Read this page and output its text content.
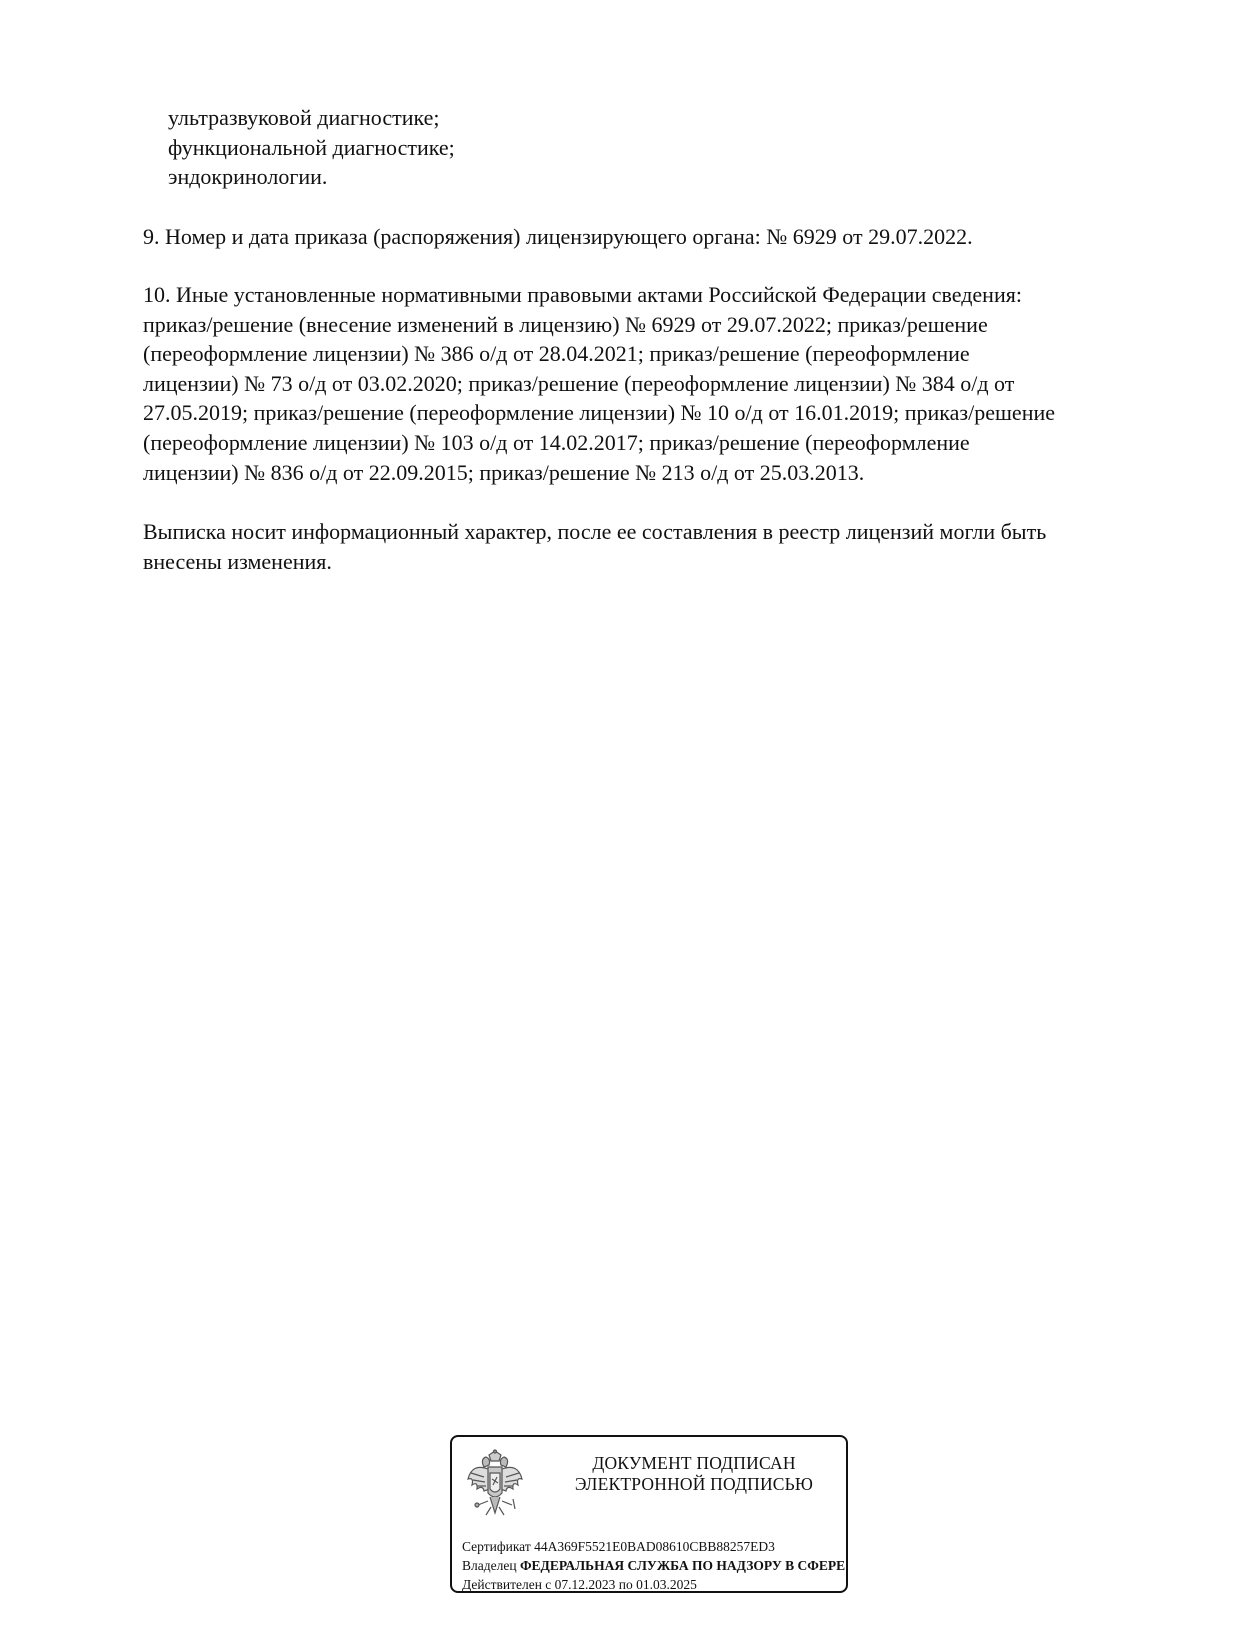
ультразвуковой диагностике;
функциональной диагностике;
эндокринологии.
9. Номер и дата приказа (распоряжения) лицензирующего органа: № 6929 от 29.07.2022.
10. Иные установленные нормативными правовыми актами Российской Федерации сведения:
приказ/решение (внесение изменений в лицензию) № 6929 от 29.07.2022; приказ/решение
(переоформление лицензии) № 386 о/д от 28.04.2021; приказ/решение (переоформление
лицензии) № 73 о/д от 03.02.2020; приказ/решение (переоформление лицензии) № 384 о/д от
27.05.2019; приказ/решение (переоформление лицензии) № 10 о/д от 16.01.2019; приказ/решение
(переоформление лицензии) № 103 о/д от 14.02.2017; приказ/решение (переоформление
лицензии) № 836 о/д от 22.09.2015; приказ/решение № 213 о/д от 25.03.2013.
Выписка носит информационный характер, после ее составления в реестр лицензий могли быть
внесены изменения.
ДОКУМЕНТ ПОДПИСАН
ЭЛЕКТРОННОЙ ПОДПИСЬЮ
Сертификат 44A369F5521E0BAD08610CBB88257ED3
Владелец ФЕДЕРАЛЬНАЯ СЛУЖБА ПО НАДЗОРУ В СФЕРЕ
Действителен с 07.12.2023 по 01.03.2025
